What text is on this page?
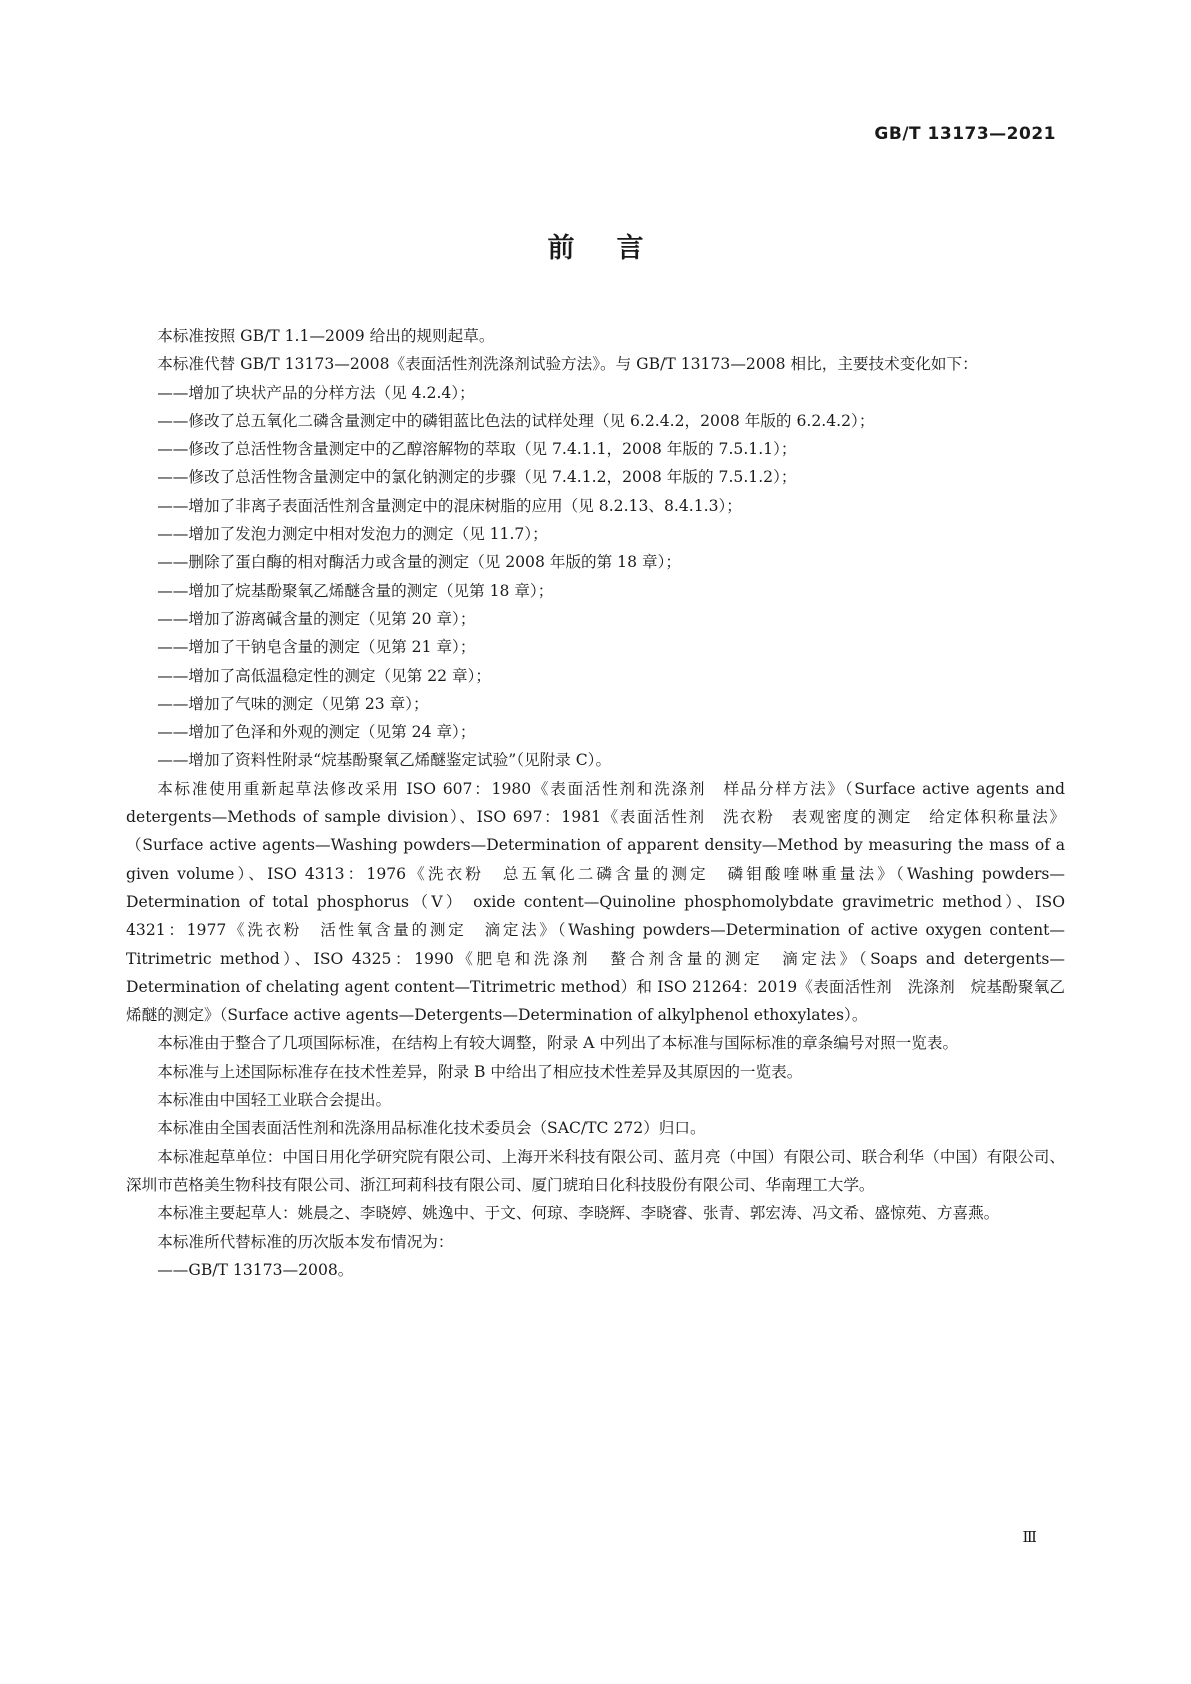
GB/T 13173—2021
前言

本标准按照 GB/T 1.1—2009 给出的规则起草。

本标准代替 GB/T 13173—2008《表面活性剂洗涤剂试验方法》。与 GB/T 13173—2008 相比，主要技术变化如下：

——增加了块状产品的分样方法（见 4.2.4）；

——修改了总五氧化二磷含量测定中的磷钼蓝比色法的试样处理（见 6.2.4.2，2008 年版的 6.2.4.2）；

——修改了总活性物含量测定中的乙醇溶解物的萃取（见 7.4.1.1，2008 年版的 7.5.1.1）；

——修改了总活性物含量测定中的氯化钠测定的步骤（见 7.4.1.2，2008 年版的 7.5.1.2）；

——增加了非离子表面活性剂含量测定中的混床树脂的应用（见 8.2.13、8.4.1.3）；

——增加了发泡力测定中相对发泡力的测定（见 11.7）；

——删除了蛋白酶的相对酶活力或含量的测定（见 2008 年版的第 18 章）；

——增加了烷基酚聚氧乙烯醚含量的测定（见第 18 章）；

——增加了游离碱含量的测定（见第 20 章）；

——增加了干钠皂含量的测定（见第 21 章）；

——增加了高低温稳定性的测定（见第 22 章）；

——增加了气味的测定（见第 23 章）；

——增加了色泽和外观的测定（见第 24 章）；

——增加了资料性附录“烷基酚聚氧乙烯醚鉴定试验”（见附录 C）。

本标准使用重新起草法修改采用 ISO 607：1980《表面活性剂和洗涤剂　样品分样方法》（Surface active agents and detergents—Methods of sample division）、ISO 697：1981《表面活性剂　洗衣粉　表观密度的测定　给定体积称量法》（Surface active agents—Washing powders—Determination of apparent density—Method by measuring the mass of a given volume）、ISO 4313：1976《洗衣粉　总五氧化二磷含量的测定　磷钼酸喹啉重量法》（Washing powders—Determination of total phosphorus（V） oxide content—Quinoline phosphomolybdate gravimetric method）、ISO 4321：1977《洗衣粉　活性氧含量的测定　滴定法》（Washing powders—Determination of active oxygen content—Titrimetric method）、ISO 4325：1990《肥皂和洗涤剂　螯合剂含量的测定　滴定法》（Soaps and detergents—Determination of chelating agent content—Titrimetric method）和 ISO 21264：2019《表面活性剂　洗涤剂　烷基酚聚氧乙烯醚的测定》（Surface active agents—Detergents—Determination of alkylphenol ethoxylates）。

本标准由于整合了几项国际标准，在结构上有较大调整，附录 A 中列出了本标准与国际标准的章条编号对照一览表。

本标准与上述国际标准存在技术性差异，附录 B 中给出了相应技术性差异及其原因的一览表。

本标准由中国轻工业联合会提出。

本标准由全国表面活性剂和洗涤用品标准化技术委员会（SAC/TC 272）归口。

本标准起草单位：中国日用化学研究院有限公司、上海开米科技有限公司、蓝月亮（中国）有限公司、联合利华（中国）有限公司、深圳市芭格美生物科技有限公司、浙江珂莉科技有限公司、厦门琥珀日化科技股份有限公司、华南理工大学。

本标准主要起草人：姚晨之、李晓婷、姚逸中、于文、何琼、李晓辉、李晓睿、张青、郭宏涛、冯文希、盛惊苑、方喜燕。

本标准所代替标准的历次版本发布情况为：

——GB/T 13173—2008。

Ⅲ
